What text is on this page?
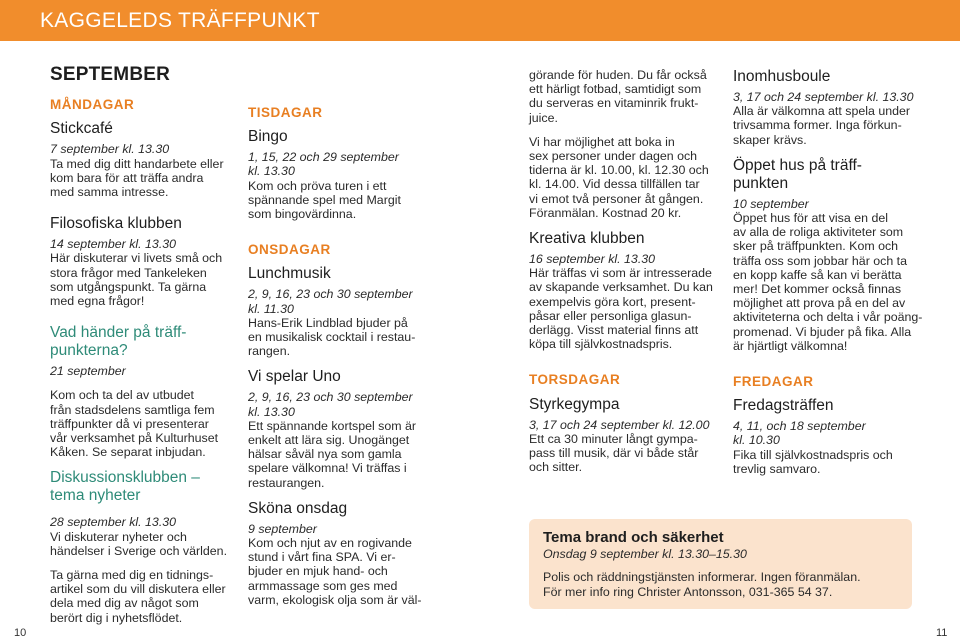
KAGGELEDS TRÄFFPUNKT
SEPTEMBER
MÅNDAGAR
Stickcafé

7 september kl. 13.30

Ta med dig ditt handarbete eller

kom bara för att träffa andra

med samma intresse.

Filosofiska klubben

14 september kl. 13.30

Här diskuterar vi livets små och

stora frågor med Tankeleken

som utgångspunkt. Ta gärna

med egna frågor!

Vad händer på träff-
punkterna?

21 september

Kom och ta del av utbudet

från stadsdelens samtliga fem

träffpunkter då vi presenterar

vår verksamhet på Kulturhuset

Kåken. Se separat inbjudan.

Diskussionsklubben –
tema nyheter

28 september kl. 13.30

Vi diskuterar nyheter och

händelser i Sverige och världen.

Ta gärna med dig en tidnings-

artikel som du vill diskutera eller

dela med dig av något som

berört dig i nyhetsflödet.

TISDAGAR
Bingo

1, 15, 22 och 29 september

kl. 13.30

Kom och pröva turen i ett

spännande spel med Margit

som bingovärdinna.

ONSDAGAR
Lunchmusik

2, 9, 16, 23 och 30 september

kl. 11.30

Hans-Erik Lindblad bjuder på

en musikalisk cocktail i restau-

rangen.

Vi spelar Uno

2, 9, 16, 23 och 30 september

kl. 13.30

Ett spännande kortspel som är

enkelt att lära sig. Unogänget

hälsar såväl nya som gamla

spelare välkomna! Vi träffas i

restaurangen.

Sköna onsdag

9 september

Kom och njut av en rogivande

stund i vårt fina SPA. Vi er-

bjuder en mjuk hand- och

armmassage som ges med

varm, ekologisk olja som är väl-

görande för huden. Du får också

ett härligt fotbad, samtidigt som

du serveras en vitaminrik frukt-

juice.

Vi har möjlighet att boka in

sex personer under dagen och

tiderna är kl. 10.00, kl. 12.30 och

kl. 14.00. Vid dessa tillfällen tar

vi emot två personer åt gången.

Föranmälan. Kostnad 20 kr.

Kreativa klubben

16 september kl. 13.30

Här träffas vi som är intresserade

av skapande verksamhet. Du kan

exempelvis göra kort, present-

påsar eller personliga glasun-

derlägg. Visst material finns att

köpa till självkostnadspris.

TORSDAGAR
Styrkegympa

3, 17 och 24 september kl. 12.00

Ett ca 30 minuter långt gympa-

pass till musik, där vi både står

och sitter.

Inomhusboule

3, 17 och 24 september kl. 13.30

Alla är välkomna att spela under

trivsamma former. Inga förkun-

skaper krävs.

Öppet hus på träff-
punkten

10 september

Öppet hus för att visa en del

av alla de roliga aktiviteter som

sker på träffpunkten. Kom och

träffa oss som jobbar här och ta

en kopp kaffe så kan vi berätta

mer! Det kommer också finnas

möjlighet att prova på en del av

aktiviteterna och delta i vår poäng-

promenad. Vi bjuder på fika. Alla

är hjärtligt välkomna!

FREDAGAR
Fredagsträffen

4, 11, och 18 september

kl. 10.30

Fika till självkostnadspris och

trevlig samvaro.

Tema brand och säkerhet
Onsdag 9 september kl. 13.30–15.30

Polis och räddningstjänsten informerar. Ingen föranmälan.

För mer info ring Christer Antonsson, 031-365 54 37.

10	11
